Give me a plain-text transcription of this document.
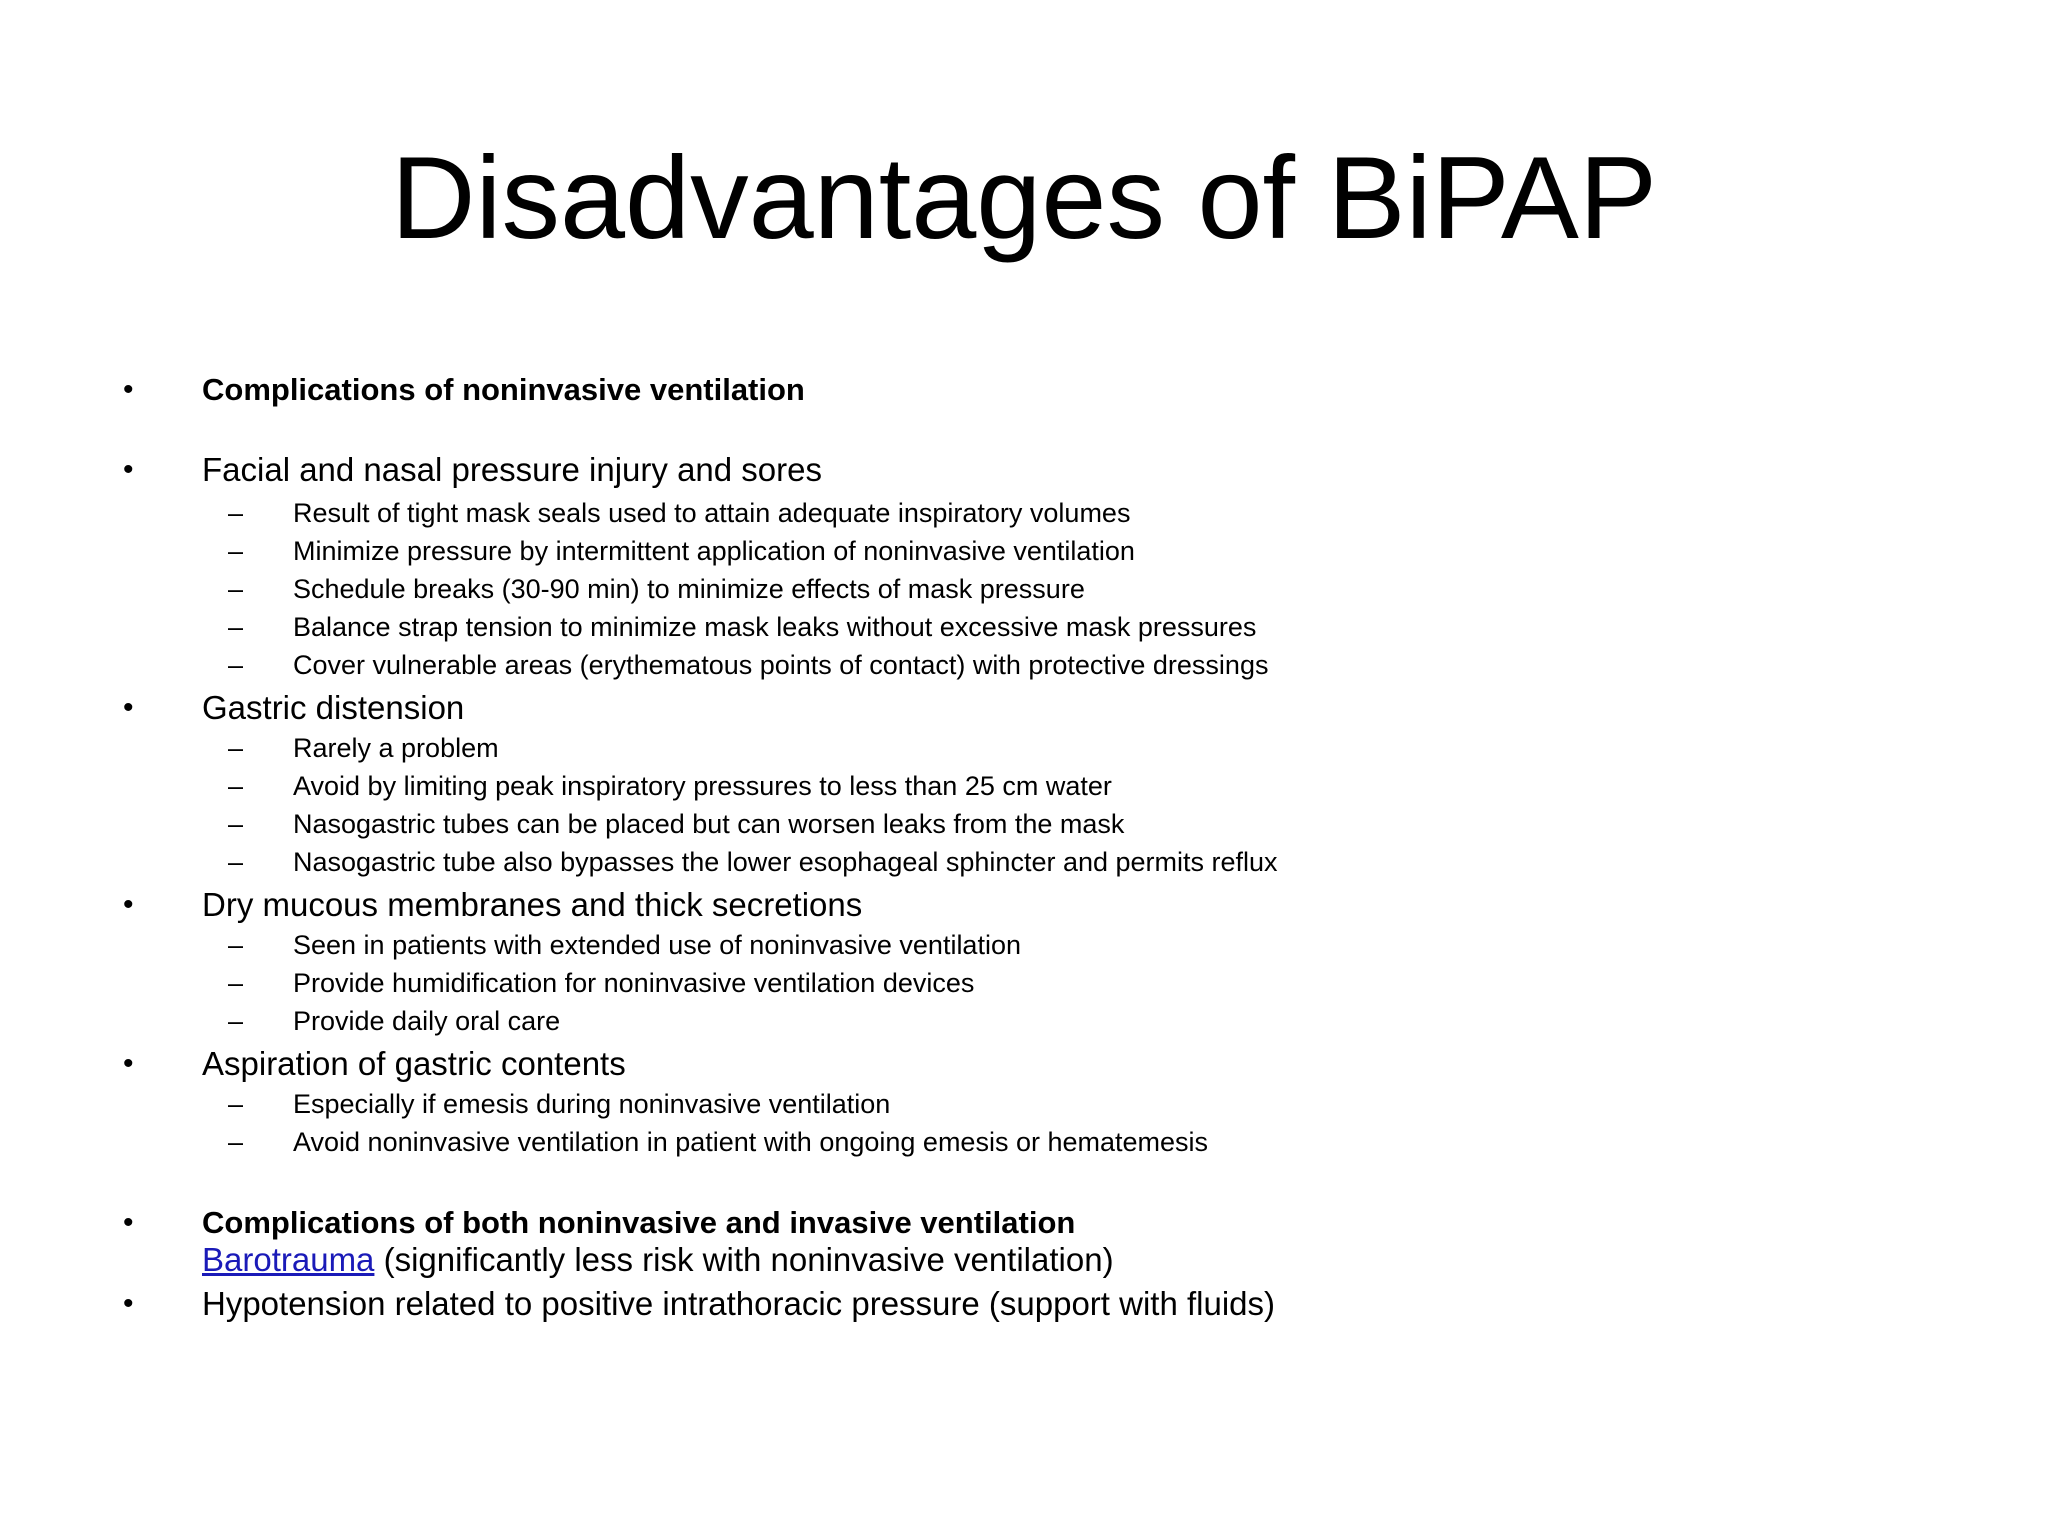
Disadvantages of BiPAP
• Complications of noninvasive ventilation
• Facial and nasal pressure injury and sores
– Result of tight mask seals used to attain adequate inspiratory volumes
– Minimize pressure by intermittent application of noninvasive ventilation
– Schedule breaks (30-90 min) to minimize effects of mask pressure
– Balance strap tension to minimize mask leaks without excessive mask pressures
– Cover vulnerable areas (erythematous points of contact) with protective dressings
• Gastric distension
– Rarely a problem
– Avoid by limiting peak inspiratory pressures to less than 25 cm water
– Nasogastric tubes can be placed but can worsen leaks from the mask
– Nasogastric tube also bypasses the lower esophageal sphincter and permits reflux
• Dry mucous membranes and thick secretions
– Seen in patients with extended use of noninvasive ventilation
– Provide humidification for noninvasive ventilation devices
– Provide daily oral care
• Aspiration of gastric contents
– Especially if emesis during noninvasive ventilation
– Avoid noninvasive ventilation in patient with ongoing emesis or hematemesis
• Complications of both noninvasive and invasive ventilation
Barotrauma (significantly less risk with noninvasive ventilation)
• Hypotension related to positive intrathoracic pressure (support with fluids)
